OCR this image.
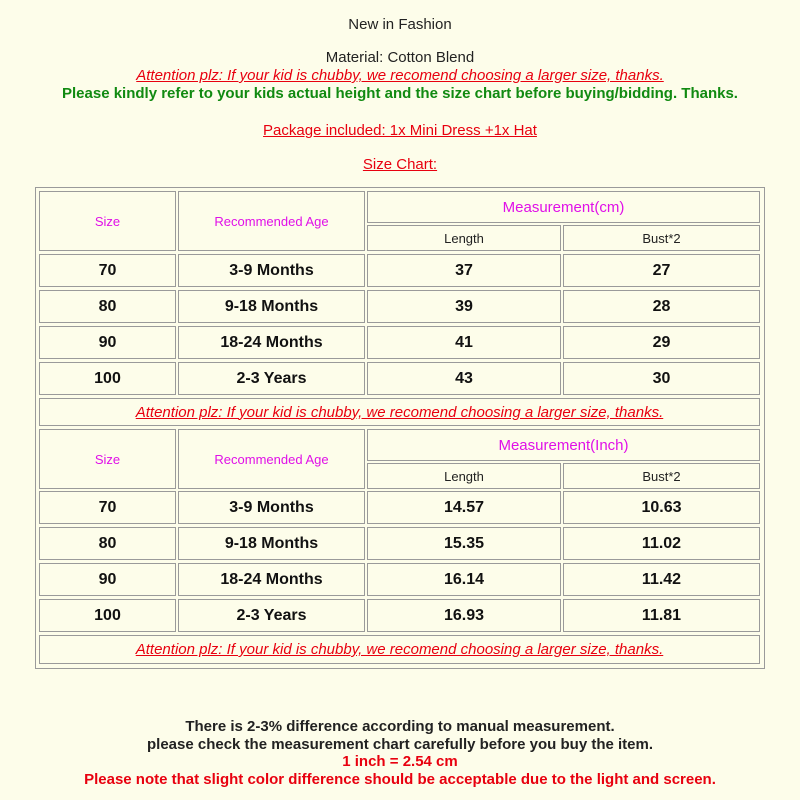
New in Fashion
Material: Cotton Blend
Attention plz: If your kid is chubby, we recomend choosing a larger size, thanks.
Please kindly refer to your kids actual height and the size chart before buying/bidding. Thanks.
Package included: 1x Mini Dress +1x Hat
Size Chart:
Size	Recommended Age
Measurement(cm)
Length	Bust*2
70	3-9 Months	37	27
80	9-18 Months	39	28
90	18-24 Months	41	29
100	2-3 Years	43	30
Attention plz: If your kid is chubby, we recomend choosing a larger size, thanks.
Size	Recommended Age
Measurement(Inch)
Length	Bust*2
70	3-9 Months	14.57	10.63
80	9-18 Months	15.35	11.02
90	18-24 Months	16.14	11.42
100	2-3 Years	16.93	11.81
Attention plz: If your kid is chubby, we recomend choosing a larger size, thanks.
There is 2-3% difference according to manual measurement.
please check the measurement chart carefully before you buy the item.
1 inch = 2.54 cm
Please note that slight color difference should be acceptable due to the light and screen.
